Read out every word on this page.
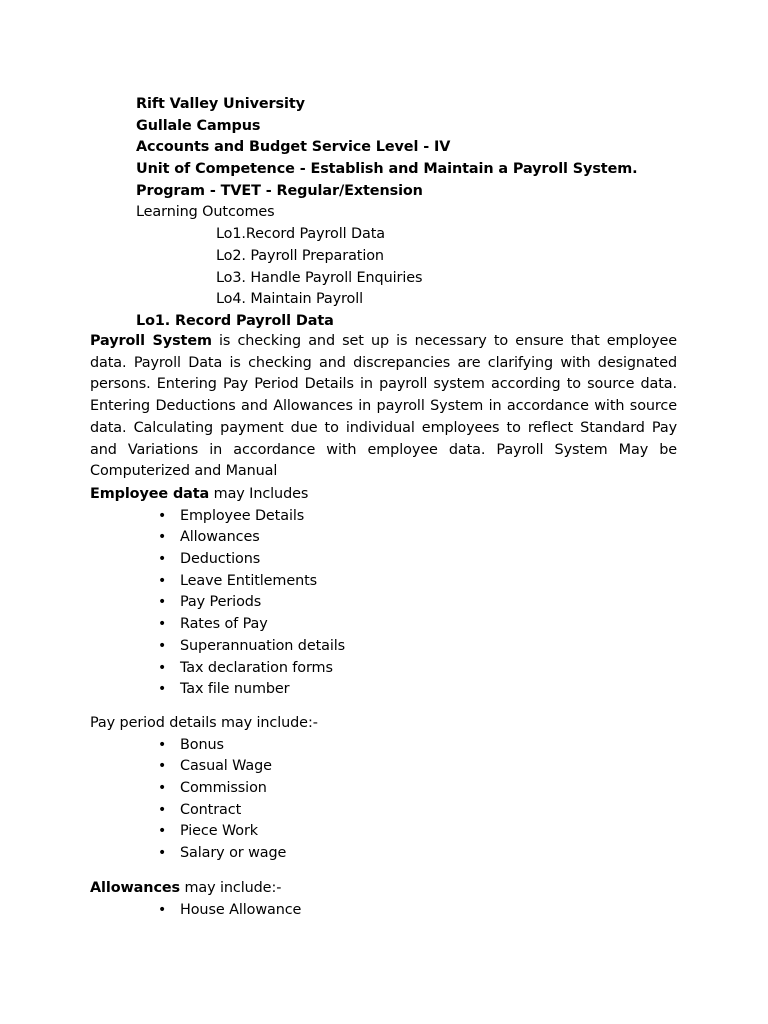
Rift Valley University
Gullale Campus
Accounts and Budget Service Level - IV
Unit of Competence - Establish and Maintain a Payroll System.
Program - TVET - Regular/Extension
Learning Outcomes
Lo1.Record Payroll Data
Lo2. Payroll Preparation
Lo3. Handle Payroll Enquiries
Lo4. Maintain Payroll
Lo1. Record Payroll Data

Payroll System is checking and set up is necessary to ensure that employee data. Payroll Data is checking and discrepancies are clarifying with designated persons. Entering Pay Period Details in payroll system according to source data. Entering Deductions and Allowances in payroll System in accordance with source data. Calculating payment due to individual employees to reflect Standard Pay and Variations in accordance with employee data. Payroll System May be Computerized and Manual

Employee data may Includes
• Employee Details
• Allowances
• Deductions
• Leave Entitlements
• Pay Periods
• Rates of Pay
• Superannuation details
• Tax declaration forms
• Tax file number
Pay period details may include:-
• Bonus
• Casual Wage
• Commission
• Contract
• Piece Work
• Salary or wage
Allowances may include:-
• House Allowance
